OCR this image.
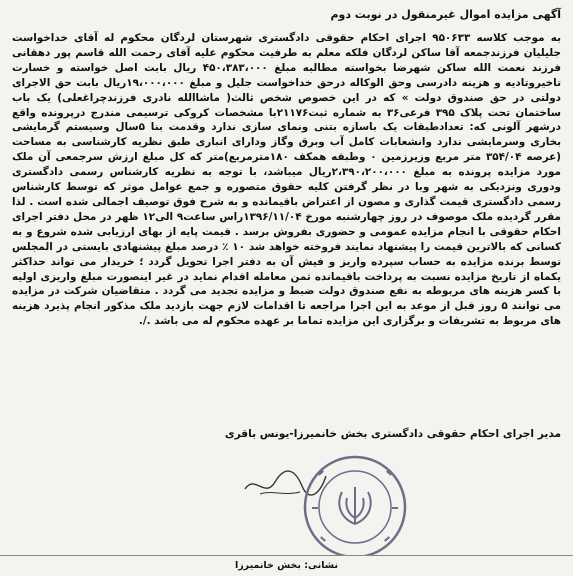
آگهی مزایده اموال غیرمنقول در نوبت دوم

به موجب کلاسه ۹۵۰۶۳۳ اجرای احکام حقوقی دادگستری شهرستان لردگان محکوم له آقای خداخواست جلیلیان فرزندجمعه آقا ساکن لردگان فلکه معلم به طرفیت محکوم علیه آقای رحمت الله قاسم پور دهقانی فرزند نعمت الله ساکن شهرضا بخواسته مطالبه مبلغ ۴۵۰،۳۸۳،۰۰۰ ریال بابت اصل خواسته و خسارت تاخیروتادیه و هزینه دادرسی وحق الوکاله درحق خداخواست جلیل و مبلغ ۱۹،۰۰۰،۰۰۰ریال بابت حق الاجرای دولتی در حق صندوق دولت » که در این خصوص شخص ثالث( ماشاالله نادری فرزندچراغعلی) یک باب ساختمان تحت پلاک ۳۹۵ فرعی۳۶ به شماره ثبت۲۱۱۷۶با مشخصات کروکی ترسیمی مندرج درپرونده واقع درشهر آلونی که: تعداد‌طبقات یک باسازه بتنی ونمای سازی ندارد وقدمت بنا ۵سال وسیستم گرمایشی بخاری وسرمایشی ندارد وانشعابات کامل آب وبرق وگاز ودارای انباری طبق نظریه کارشناسی به مساحت (عرصه ۳۵۴/۰۴ متر مربع وزیرزمین ۰ وطبقه همکف ۱۸۰مترمربع)متر که کل مبلغ ارزش سرجمعی آن ملک مورد مزایده پرونده به مبلغ ۲،۳۹۰،۲۰۰،۰۰۰ریال میباشد، با توجه به نظریه کارشناس رسمی دادگستری ودوری ونزدیکی به شهر وبا در نظر گرفتن کلیه حقوق متصوره و جمع عوامل موثر که توسط کارشناس رسمی دادگستری قیمت گذاری و مصون از اعتراض باقیمانده و به شرح فوق توصیف اجمالی شده است . لذا مقرر گردیده ملک موصوف در روز چهارشنبه مورخ ۱۳۹۶/۱۱/۰۴راس ساعت۹ الی۱۲ ظهر در محل دفتر اجرای احکام حقوقی با انجام مزایده عمومی و حضوری بفروش برسد . قیمت پایه از بهای ارزیابی شده شروع و به کسانی که بالاترین قیمت را پیشنهاد نمایند فروخته خواهد شد ۱۰ ٪ درصد مبلغ پیشنهادی بایستی در المجلس توسط برنده مزایده به حساب سپرده واریز و فیش آن به دفتر اجرا تحویل گردد ؛ خریدار می تواند حداکثر یکماه از تاریخ مزایده نسبت به پرداخت باقیمانده ثمن معامله اقدام نماید در غیر اینصورت مبلغ واریزی اولیه با کسر هزینه های مربوطه به نفع صندوق دولت ضبط و مزایده تجدید می گردد . متقاضیان شرکت در مزایده می توانند ۵ روز قبل از موعد به این اجرا مراجعه تا اقدامات لازم جهت بازدید ملک مذکور انجام پذیرد هزینه های مربوط به تشریفات و برگزاری این مزایده تماما بر عهده محکوم له می باشد ./.

مدیر اجرای احکام حقوقی دادگستری بخش خانمیرزا-یونس باقری
نشانی: بخش خانمیرزا
